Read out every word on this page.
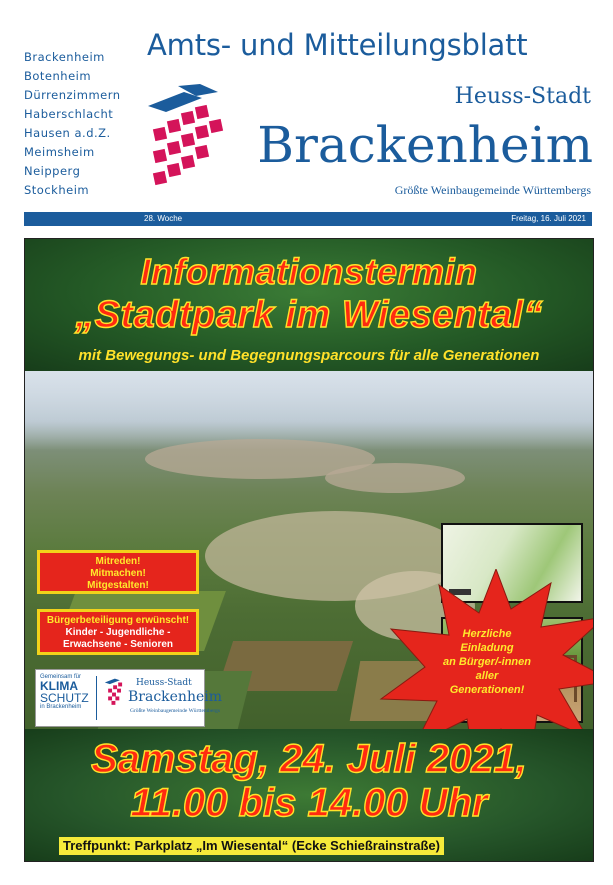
Brackenheim
Botenheim
Dürrenzimmern
Haberschlacht
Hausen a.d.Z.
Meimsheim
Neipperg
Stockheim
Amts- und Mitteilungsblatt
Heuss-Stadt
Brackenheim
Größte Weinbaugemeinde Württembergs
28. Woche	Freitag, 16. Juli 2021
Informationstermin
„Stadtpark im Wiesental“
mit Bewegungs- und Begegnungsparcours für alle Generationen
Mitreden!
Mitmachen!
Mitgestalten!
Bürgerbeteiligung erwünscht!
Kinder - Jugendliche -
Erwachsene - Senioren
Gemeinsam für
KLIMA
SCHUTZ
in Brackenheim
Heuss-Stadt
Brackenheim
Größte Weinbaugemeinde Württembergs
Herzliche
Einladung
an Bürger/-innen
aller
Generationen!
Samstag, 24. Juli 2021,
11.00 bis 14.00 Uhr
Treffpunkt: Parkplatz „Im Wiesental“ (Ecke Schießrainstraße)
